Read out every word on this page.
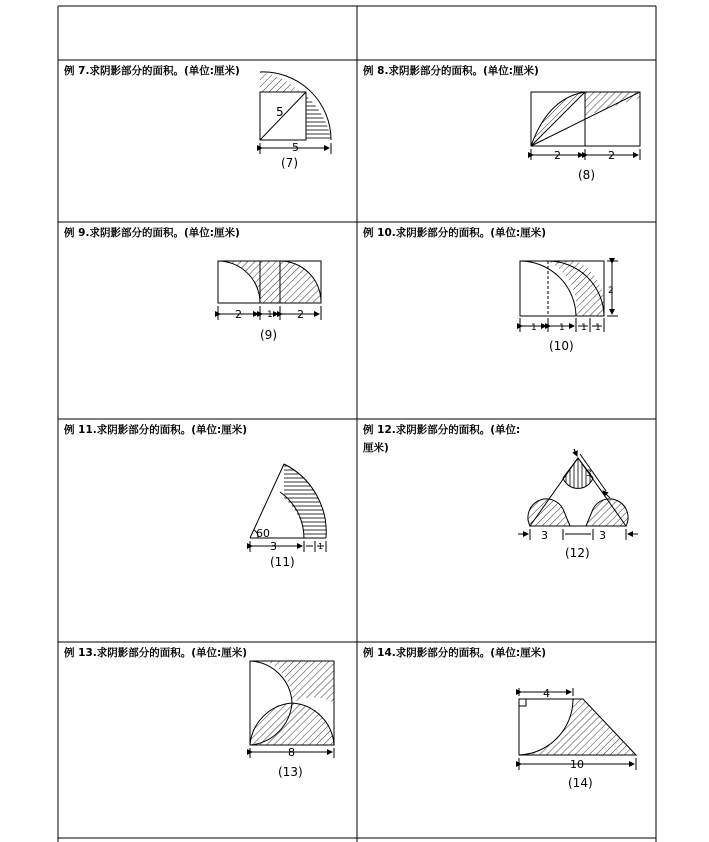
例 7.求阴影部分的面积。(单位:厘米)	例 8.求阴影部分的面积。(单位:厘米)
例 9.求阴影部分的面积。(单位:厘米)	例 10.求阴影部分的面积。(单位:厘米)
例 11.求阴影部分的面积。(单位:厘米)	例 12.求阴影部分的面积。(单位:
厘米)
例 13.求阴影部分的面积。(单位:厘米)	例 14.求阴影部分的面积。(单位:厘米)
5
5
(7)
2	2
(8)
2	1 2
(9)
2
1 1 1 1
(10)
60
3	1
(11)
3
3	3
(12)
8
(13)
4
10
(14)
